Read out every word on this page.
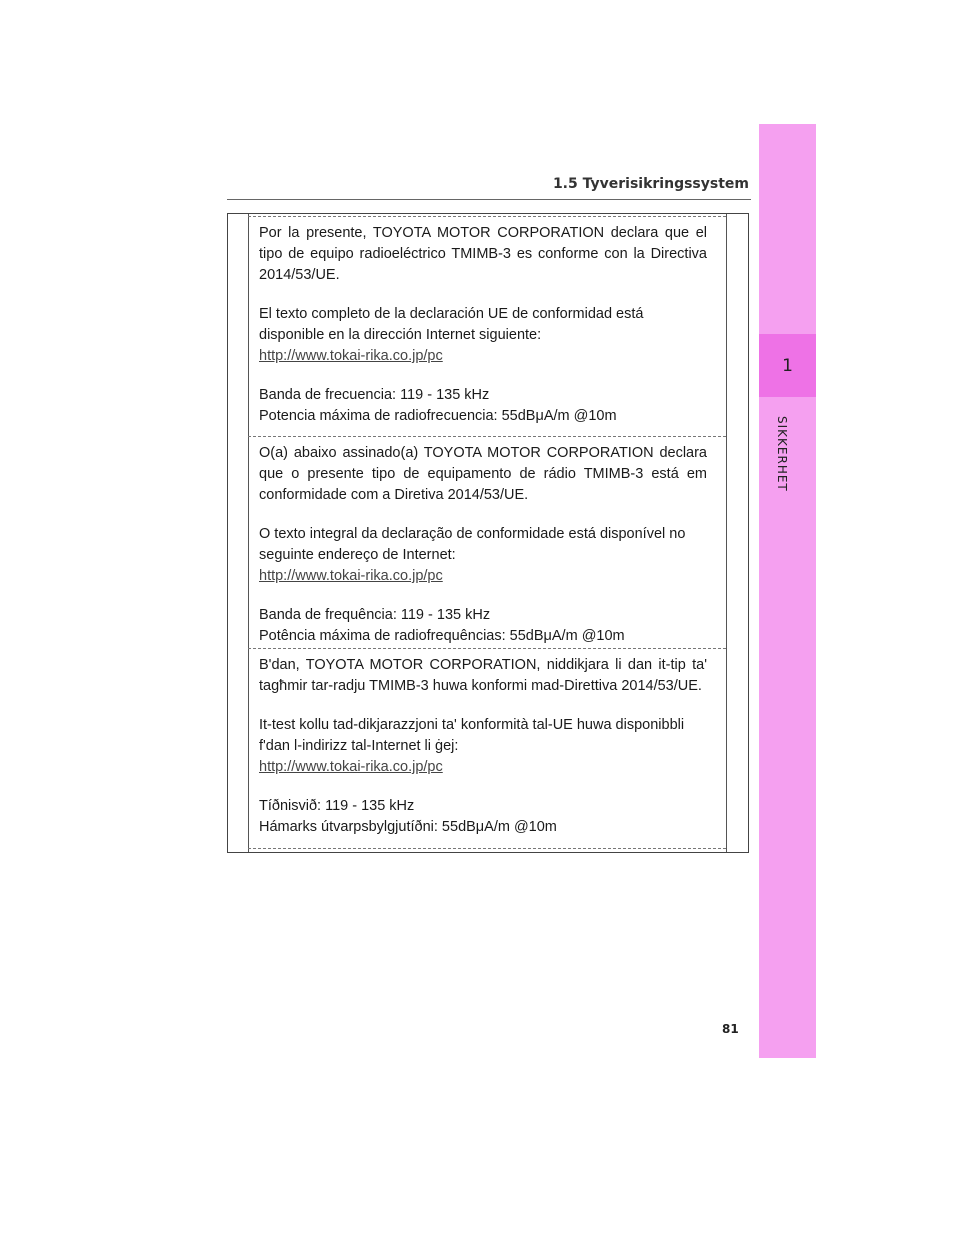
1
SIKKERHET
1.5 Tyverisikringssystem

Por la presente, TOYOTA MOTOR CORPORATION declara que el tipo de equipo radioeléctrico TMIMB-3 es conforme con la Directiva 2014/53/UE.

El texto completo de la declaración UE de conformidad está disponible en la dirección Internet siguiente:

http://www.tokai-rika.co.jp/pc

Banda de frecuencia: 119 - 135 kHz

Potencia máxima de radiofrecuencia: 55dBμA/m @10m

O(a) abaixo assinado(a) TOYOTA MOTOR CORPORATION declara que o presente tipo de equipamento de rádio TMIMB-3 está em conformidade com a Diretiva 2014/53/UE.

O texto integral da declaração de conformidade está disponível no seguinte endereço de Internet:

http://www.tokai-rika.co.jp/pc

Banda de frequência: 119 - 135 kHz

Potência máxima de radiofrequências: 55dBμA/m @10m

B'dan, TOYOTA MOTOR CORPORATION, niddikjara li dan it-tip ta' tagħmir tar-radju TMIMB-3 huwa konformi mad-Direttiva 2014/53/UE.

It-test kollu tad-dikjarazzjoni ta' konformità tal-UE huwa disponibbli f'dan l-indirizz tal-Internet li ġej:

http://www.tokai-rika.co.jp/pc

Tíðnisvið: 119 - 135 kHz

Hámarks útvarpsbylgjutíðni: 55dBμA/m @10m

81
